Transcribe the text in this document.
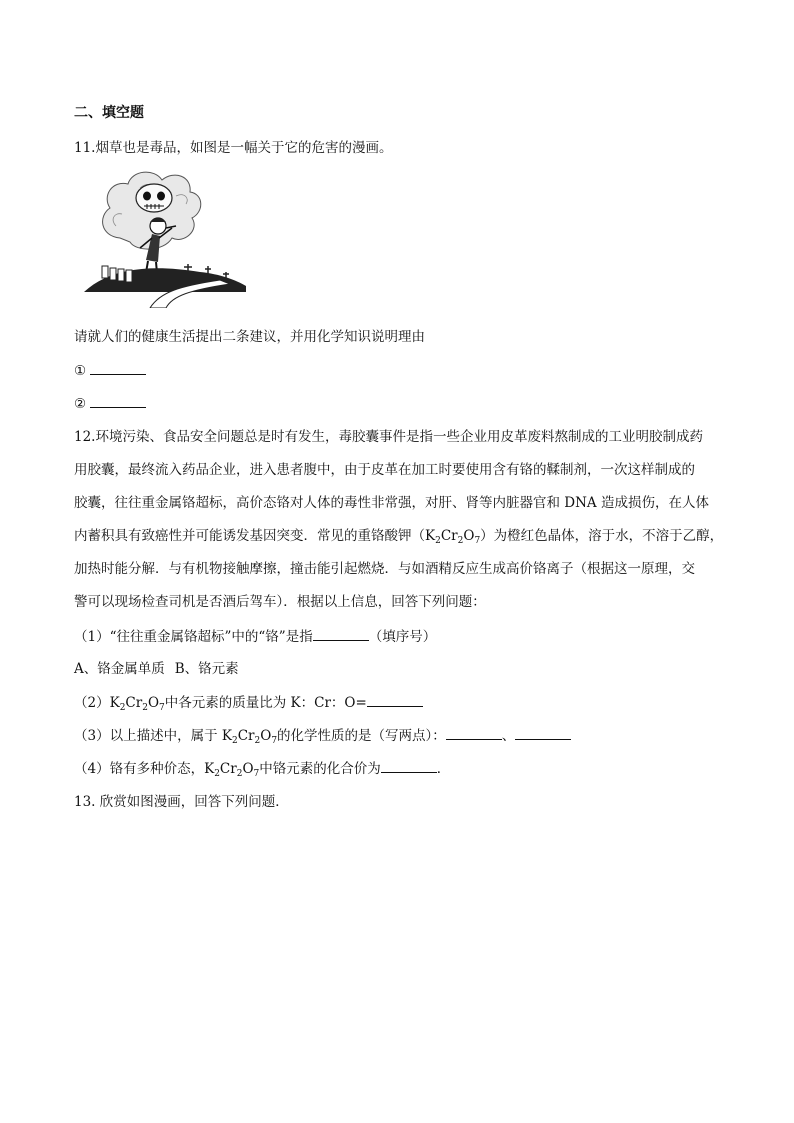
二、填空题
11.烟草也是毒品，如图是一幅关于它的危害的漫画。
请就人们的健康生活提出二条建议，并用化学知识说明理由
①
②
12.环境污染、食品安全问题总是时有发生，毒胶囊事件是指一些企业用皮革废料熬制成的工业明胶制成药
用胶囊，最终流入药品企业，进入患者腹中，由于皮革在加工时要使用含有铬的鞣制剂，一次这样制成的
胶囊，往往重金属铬超标，高价态铬对人体的毒性非常强，对肝、肾等内脏器官和 DNA 造成损伤，在人体
内蓄积具有致癌性并可能诱发基因突变．常见的重铬酸钾$(K_2Cr_2O_7)$为橙红色晶体，溶于水，不溶于乙醇，
加热时能分解．与有机物接触摩擦，撞击能引起燃烧．与如酒精反应生成高价铬离子（根据这一原理，交
警可以现场检查司机是否酒后驾车）．根据以上信息，回答下列问题：
（1）“往往重金属铬超标”中的“铬”是指	（填序号）
A、铬金属单质 B、铬元素
$(2)K_2Cr_2O_7$中各元素的质量比为 K：Cr：O=
（3）以上描述中，属于 $K_2Cr_2O_7$的化学性质的是（写两点）：	、
（4）铬有多种价态，$K_2Cr_2O_7$中铬元素的化合价为	．
13. 欣赏如图漫画，回答下列问题．
